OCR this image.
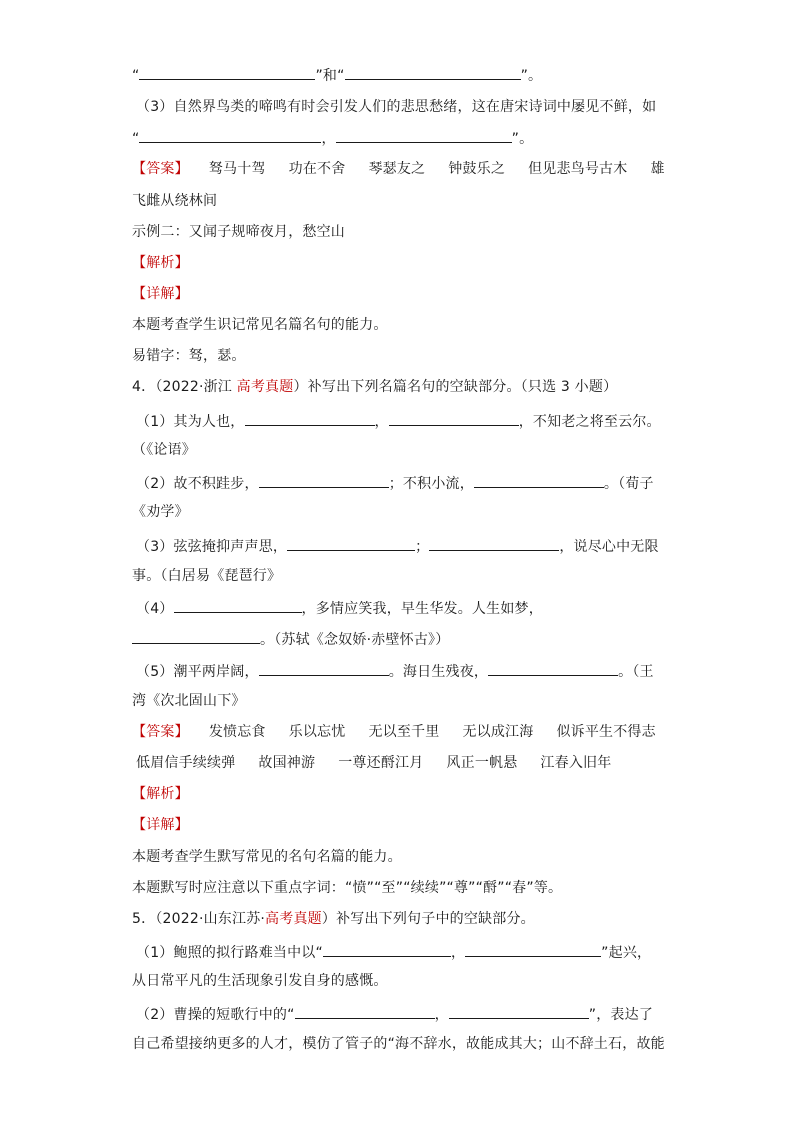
“	”和“	”。
（3）自然界鸟类的啼鸣有时会引发人们的悲思愁绪，这在唐宋诗词中屡见不鲜，如
“	，	”。
【答案】 驽马十驾 功在不舍 琴瑟友之 钟鼓乐之 但见悲鸟号古木 雄
飞雌从绕林间
示例二：又闻子规啼夜月，愁空山
【解析】
【详解】
本题考查学生识记常见名篇名句的能力。
易错字：驽，瑟。
4．（2022·浙江 高考真题）补写出下列名篇名句的空缺部分。（只选 3 小题）
（1）其为人也，	，	，不知老之将至云尔。
（《论语》
（2）故不积跬步，	；不积小流，	。（荀子
《劝学》
（3）弦弦掩抑声声思，	；	，说尽心中无限
事。（白居易《琵琶行》
（4）	，多情应笑我，早生华发。人生如梦，
。（苏轼《念奴娇·赤壁怀古》）
（5）潮平两岸阔，	。海日生残夜，	。（王
湾《次北固山下》
【答案】 发愤忘食 乐以忘忧 无以至千里 无以成江海 似诉平生不得志
低眉信手续续弹 故国神游 一尊还酹江月 风正一帆悬 江春入旧年
【解析】
【详解】
本题考查学生默写常见的名句名篇的能力。
本题默写时应注意以下重点字词：“愤”“至”“续续”“尊”“酹”“春”等。
5．（2022·山东江苏·高考真题）补写出下列句子中的空缺部分。
（1）鲍照的拟行路难当中以“	，	”起兴，
从日常平凡的生活现象引发自身的感慨。
（2）曹操的短歌行中的“	，	”，表达了
自己希望接纳更多的人才，模仿了管子的“海不辞水，故能成其大；山不辞土石，故能
